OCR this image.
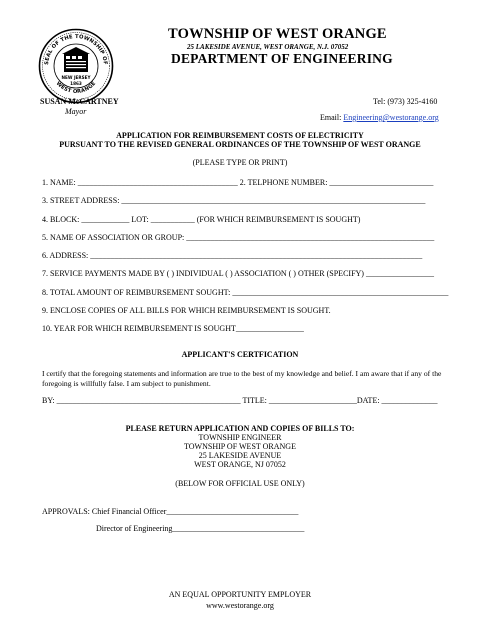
SEAL OF THE TOWNSHIP OF
WEST ORANGE
NEW JERSEY
1863
TOWNSHIP OF WEST ORANGE
25 LAKESIDE AVENUE, WEST ORANGE, N.J. 07052
DEPARTMENT OF ENGINEERING
SUSAN McCARTNEY
Mayor
Tel: (973) 325-4160
Email: Engineering@westorange.org
APPLICATION FOR REIMBURSEMENT COSTS OF ELECTRICITY
PURSUANT TO THE REVISED GENERAL ORDINANCES OF THE TOWNSHIP OF WEST ORANGE
(PLEASE TYPE OR PRINT)
1. NAME: ________________________________________ 2. TELPHONE NUMBER: __________________________
3. STREET ADDRESS: ____________________________________________________________________________
4. BLOCK: ____________ LOT: ___________ (FOR WHICH REIMBURSEMENT IS SOUGHT)
5. NAME OF ASSOCIATION OR GROUP: ______________________________________________________________
6. ADDRESS: ___________________________________________________________________________________
7. SERVICE PAYMENTS MADE BY ( ) INDIVIDUAL ( ) ASSOCIATION ( ) OTHER (SPECIFY) _________________
8. TOTAL AMOUNT OF REIMBURSEMENT SOUGHT: ______________________________________________________
9. ENCLOSE COPIES OF ALL BILLS FOR WHICH REIMBURSEMENT IS SOUGHT.
10. YEAR FOR WHICH REIMBURSEMENT IS SOUGHT_________________
APPLICANT'S CERTFICATION
I certify that the foregoing statements and information are true to the best of my knowledge and belief. I am aware that if any of the foregoing is willfully false. I am subject to punishment.
BY: ______________________________________________ TITLE: ______________________DATE: ______________
PLEASE RETURN APPLICATION AND COPIES OF BILLS TO:
TOWNSHIP ENGINEER
TOWNSHIP OF WEST ORANGE
25 LAKESIDE AVENUE
WEST ORANGE, NJ 07052
(BELOW FOR OFFICIAL USE ONLY)
APPROVALS: Chief Financial Officer_________________________________
Director of Engineering_________________________________
AN EQUAL OPPORTUNITY EMPLOYER
www.westorange.org
